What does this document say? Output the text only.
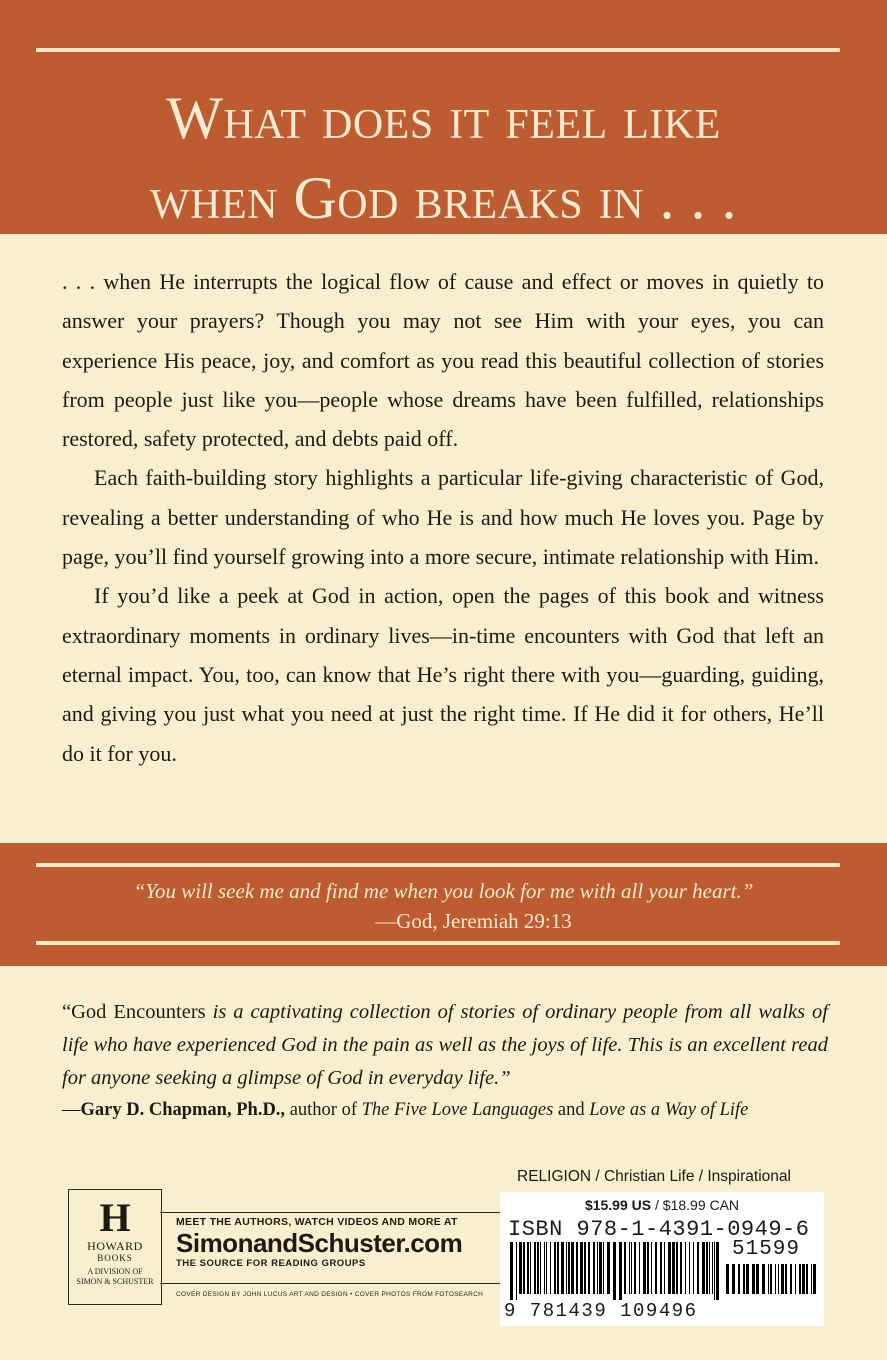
What does it feel like
when God breaks in . . .

. . . when He interrupts the logical flow of cause and effect or moves in quietly to answer your prayers? Though you may not see Him with your eyes, you can experience His peace, joy, and comfort as you read this beautiful collection of stories from people just like you—people whose dreams have been fulfilled, relationships restored, safety protected, and debts paid off.

Each faith-building story highlights a particular life-giving characteristic of God, revealing a better understanding of who He is and how much He loves you. Page by page, you’ll find yourself growing into a more secure, intimate relationship with Him.

If you’d like a peek at God in action, open the pages of this book and witness extraordinary moments in ordinary lives—in-time encounters with God that left an eternal impact. You, too, can know that He’s right there with you—guarding, guiding, and giving you just what you need at just the right time. If He did it for others, He’ll do it for you.

“You will seek me and find me when you look for me with all your heart.”
—God, Jeremiah 29:13
“God Encounters is a captivating collection of stories of ordinary people from all walks of life who have experienced God in the pain as well as the joys of life. This is an excellent read for anyone seeking a glimpse of God in everyday life.”
—Gary D. Chapman, Ph.D., author of The Five Love Languages and Love as a Way of Life
RELIGION / Christian Life / Inspirational
H
HOWARD
BOOKS
A DIVISION OF
SIMON & SCHUSTER
MEET THE AUTHORS, WATCH VIDEOS AND MORE AT
SimonandSchuster.com
THE SOURCE FOR READING GROUPS
COVER DESIGN BY JOHN LUCUS ART AND DESIGN • COVER PHOTOS FROM FOTOSEARCH
$15.99 US / $18.99 CAN
ISBN 978-1-4391-0949-6
51599
9 781439 109496
